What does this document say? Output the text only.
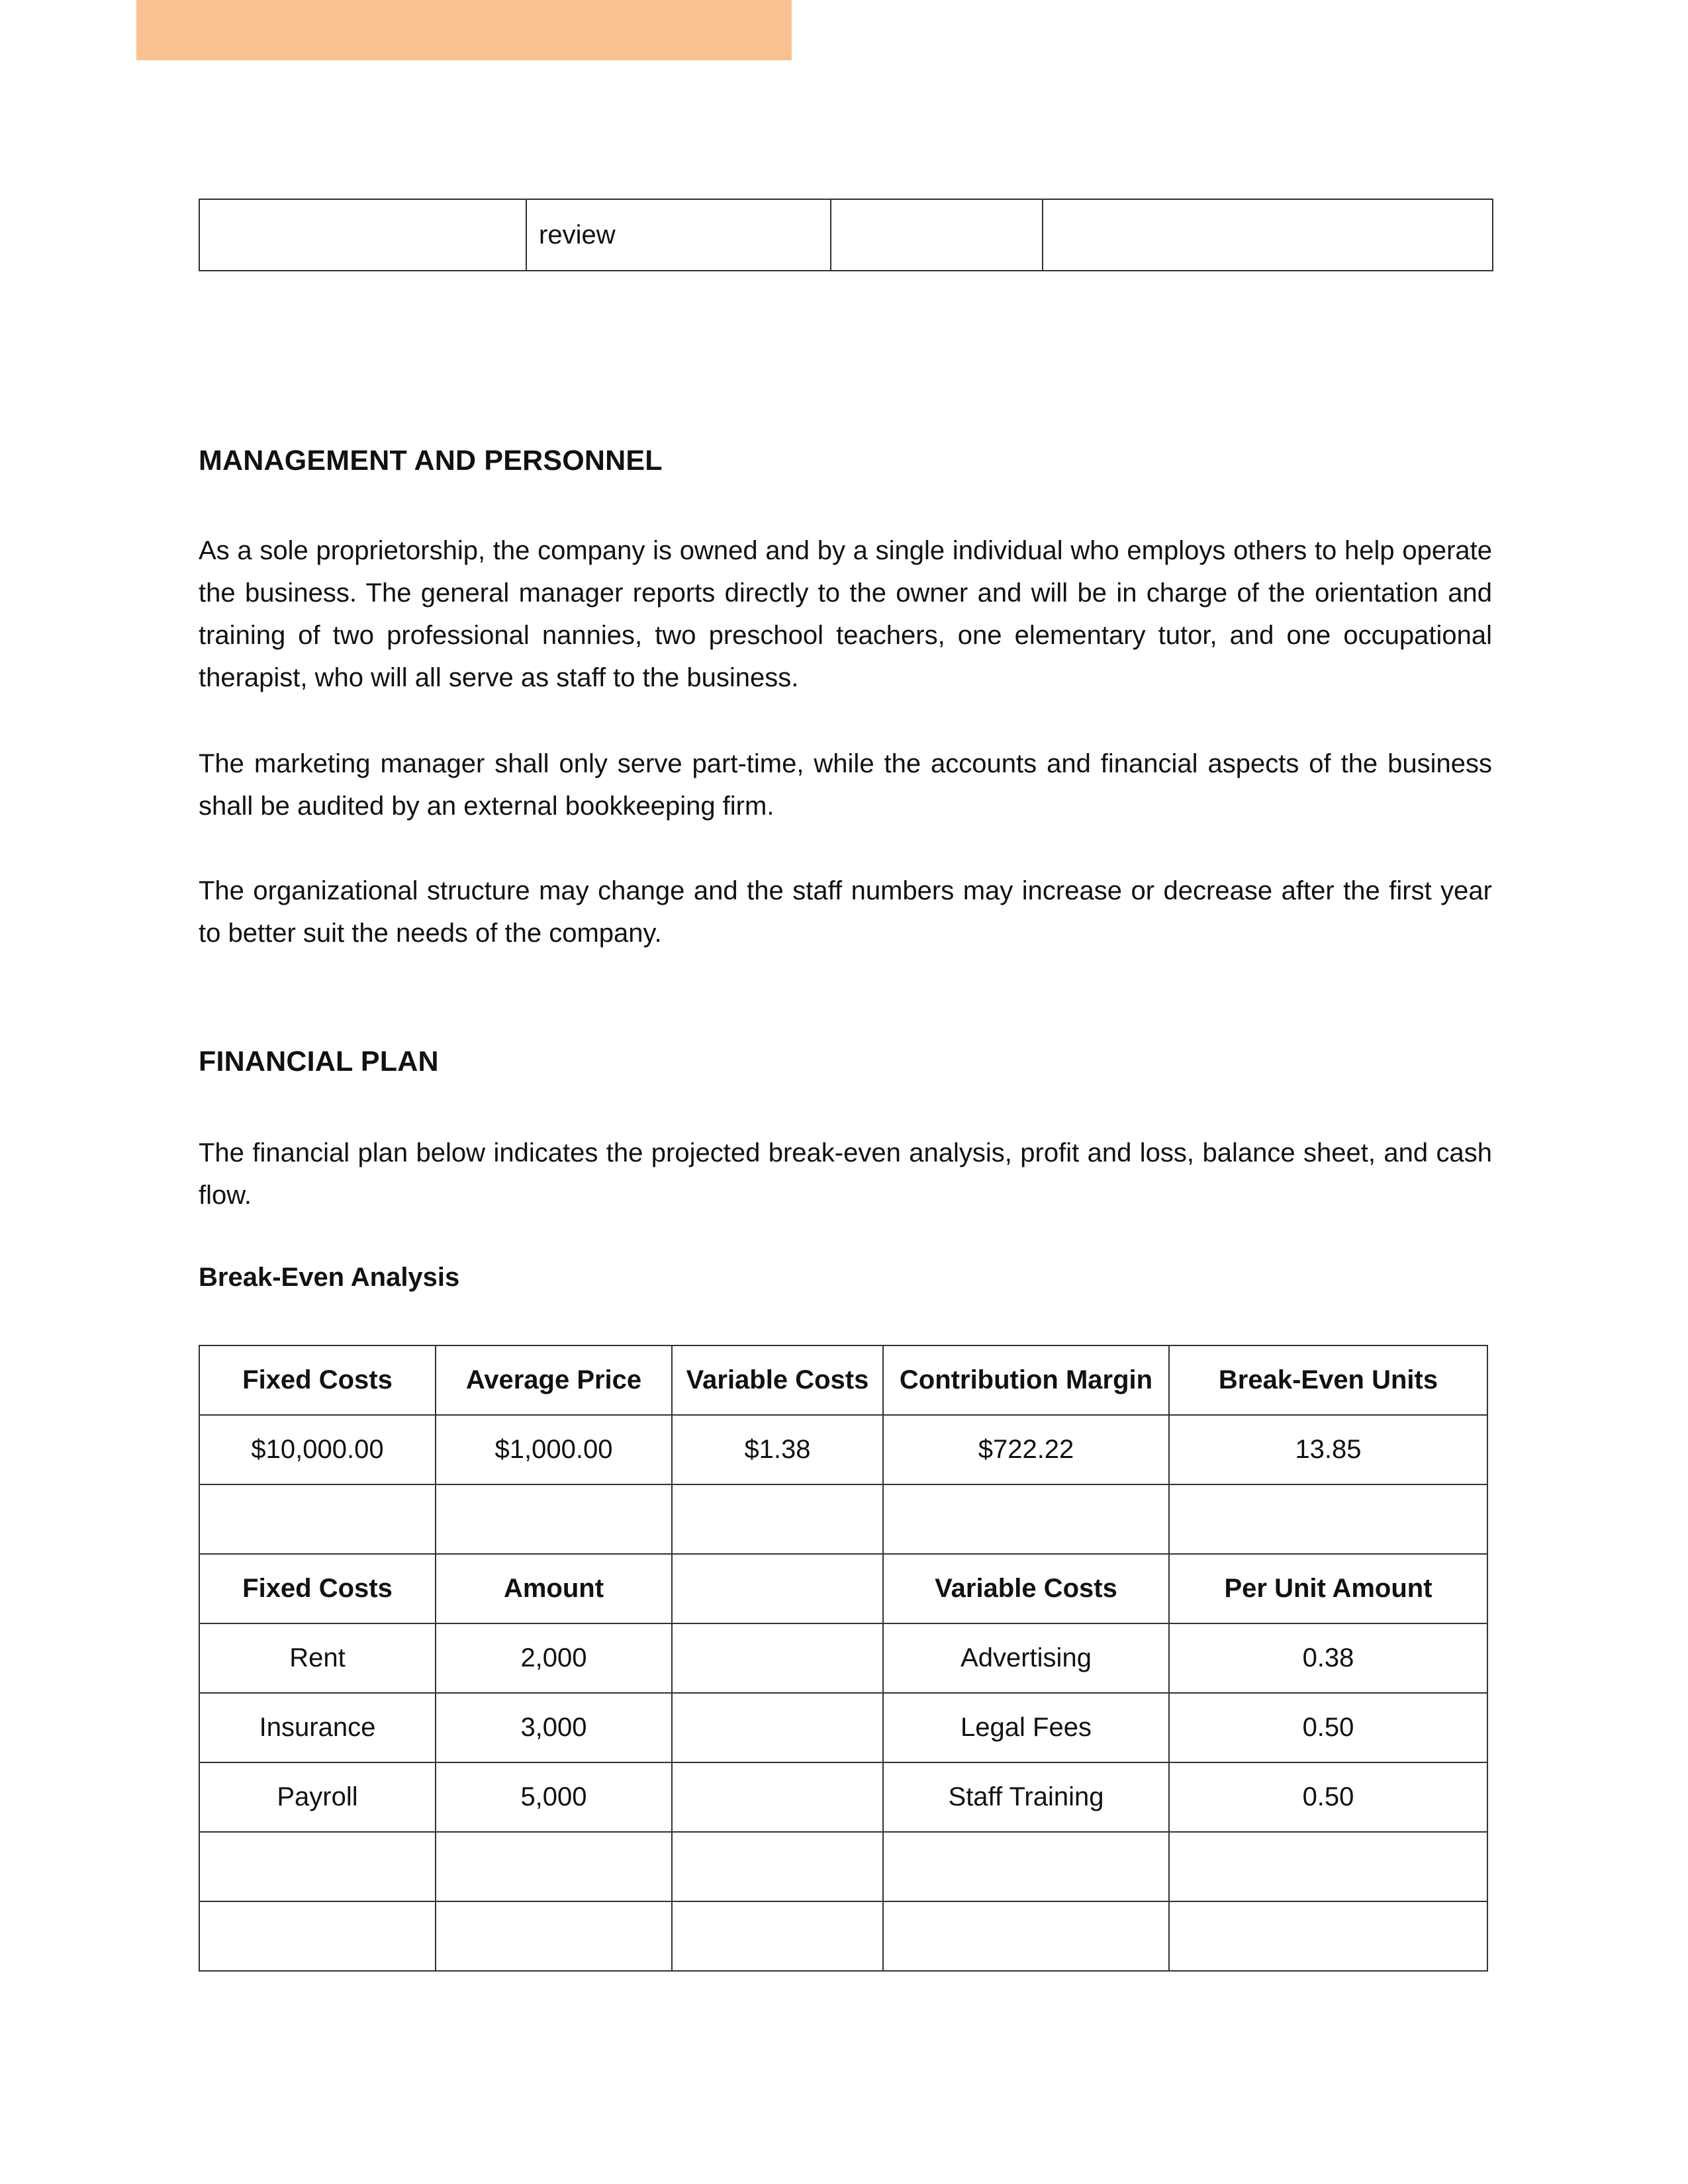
	review		
MANAGEMENT AND PERSONNEL

As a sole proprietorship, the company is owned and by a single individual who employs others to help operate the business. The general manager reports directly to the owner and will be in charge of the orientation and training of two professional nannies, two preschool teachers, one elementary tutor, and one occupational therapist, who will all serve as staff to the business.

The marketing manager shall only serve part-time, while the accounts and financial aspects of the business shall be audited by an external bookkeeping firm.

The organizational structure may change and the staff numbers may increase or decrease after the first year to better suit the needs of the company.

FINANCIAL PLAN

The financial plan below indicates the projected break-even analysis, profit and loss, balance sheet, and cash flow.

Break-Even Analysis
Fixed Costs	Average Price	Variable Costs	Contribution Margin	Break-Even Units
$10,000.00	$1,000.00	$1.38	$722.22	13.85

Fixed Costs	Amount		Variable Costs	Per Unit Amount
Rent	2,000		Advertising	0.38
Insurance	3,000		Legal Fees	0.50
Payroll	5,000		Staff Training	0.50
